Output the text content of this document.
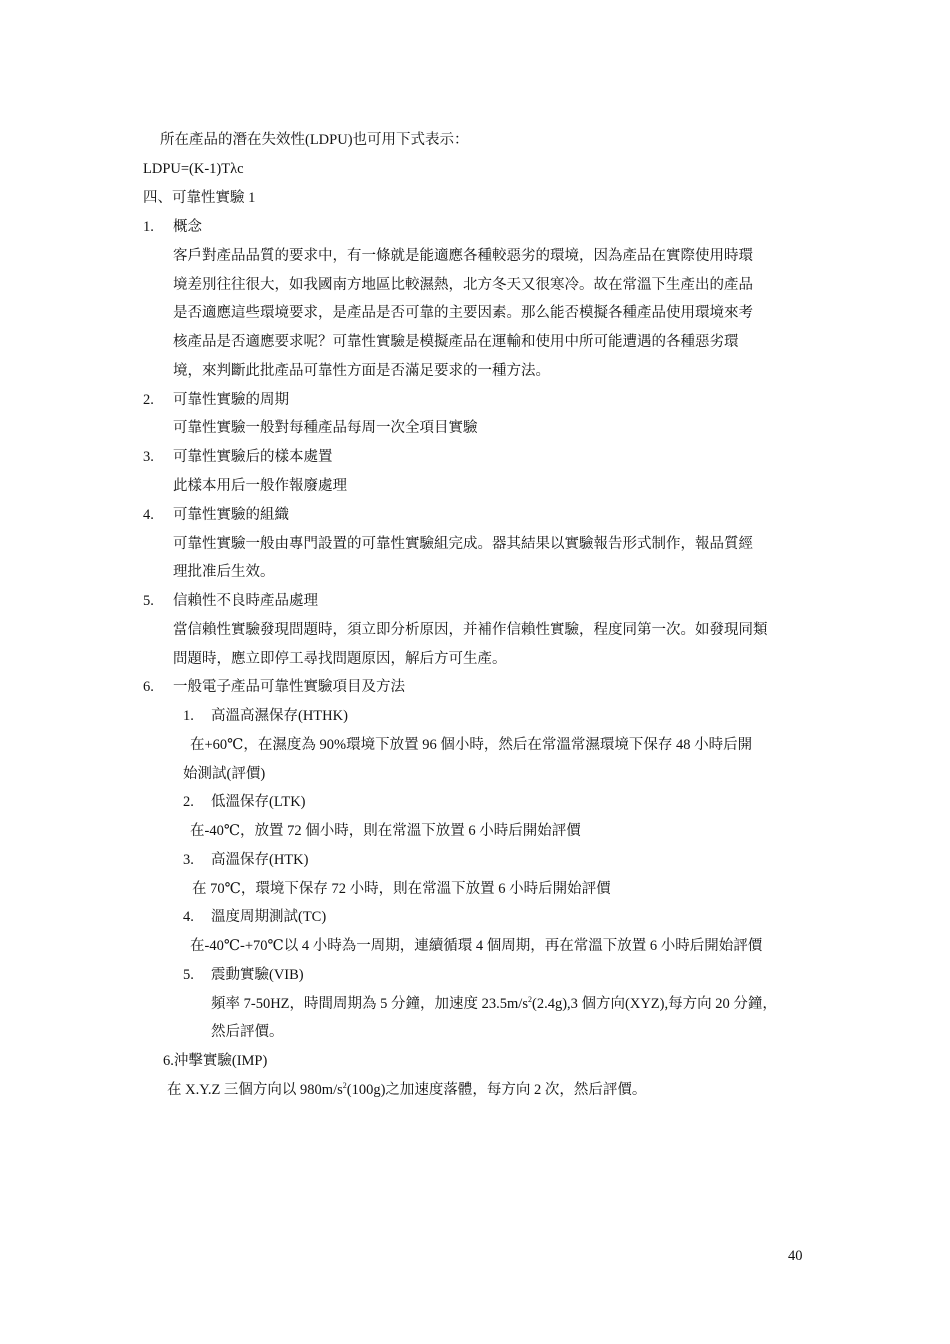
所在產品的潛在失效性(LDPU)也可用下式表示：
LDPU=(K-1)Tλc
四、可靠性實驗 1
1. 概念
客戶對產品品質的要求中，有一條就是能適應各種較惡劣的環境，因為產品在實際使用時環
境差別往往很大，如我國南方地區比較濕熱，北方冬天又很寒冷。故在常溫下生產出的產品
是否適應這些環境要求，是產品是否可靠的主要因素。那么能否模擬各種產品使用環境來考
核產品是否適應要求呢？可靠性實驗是模擬產品在運輸和使用中所可能遭遇的各種惡劣環
境，來判斷此批產品可靠性方面是否滿足要求的一種方法。
2. 可靠性實驗的周期
可靠性實驗一般對每種產品每周一次全項目實驗
3. 可靠性實驗后的樣本處置
此樣本用后一般作報廢處理
4. 可靠性實驗的組織
可靠性實驗一般由專門設置的可靠性實驗組完成。器其結果以實驗報告形式制作，報品質經
理批准后生效。
5. 信賴性不良時產品處理
當信賴性實驗發現問題時，須立即分析原因，并補作信賴性實驗，程度同第一次。如發現同類
問題時，應立即停工尋找問題原因，解后方可生產。
6. 一般電子產品可靠性實驗項目及方法
1. 高溫高濕保存(HTHK)
在+60℃，在濕度為 90%環境下放置 96 個小時，然后在常溫常濕環境下保存 48 小時后開
始測試(評價)
2. 低溫保存(LTK)
在-40℃，放置 72 個小時，則在常溫下放置 6 小時后開始評價
3. 高溫保存(HTK)
在 70℃，環境下保存 72 小時，則在常溫下放置 6 小時后開始評價
4. 溫度周期測試(TC)
在-40℃-+70℃以 4 小時為一周期，連續循環 4 個周期，再在常溫下放置 6 小時后開始評價
5. 震動實驗(VIB)
頻率 7-50HZ，時間周期為 5 分鐘，加速度 $23.5m/s^2(2.4g),3$ 個方向(XYZ),每方向 20 分鐘，
然后評價。
6.沖擊實驗(IMP)
在 X.Y.Z 三個方向以 $980m/s^2(100g)$之加速度落體，每方向 2 次，然后評價。
40
